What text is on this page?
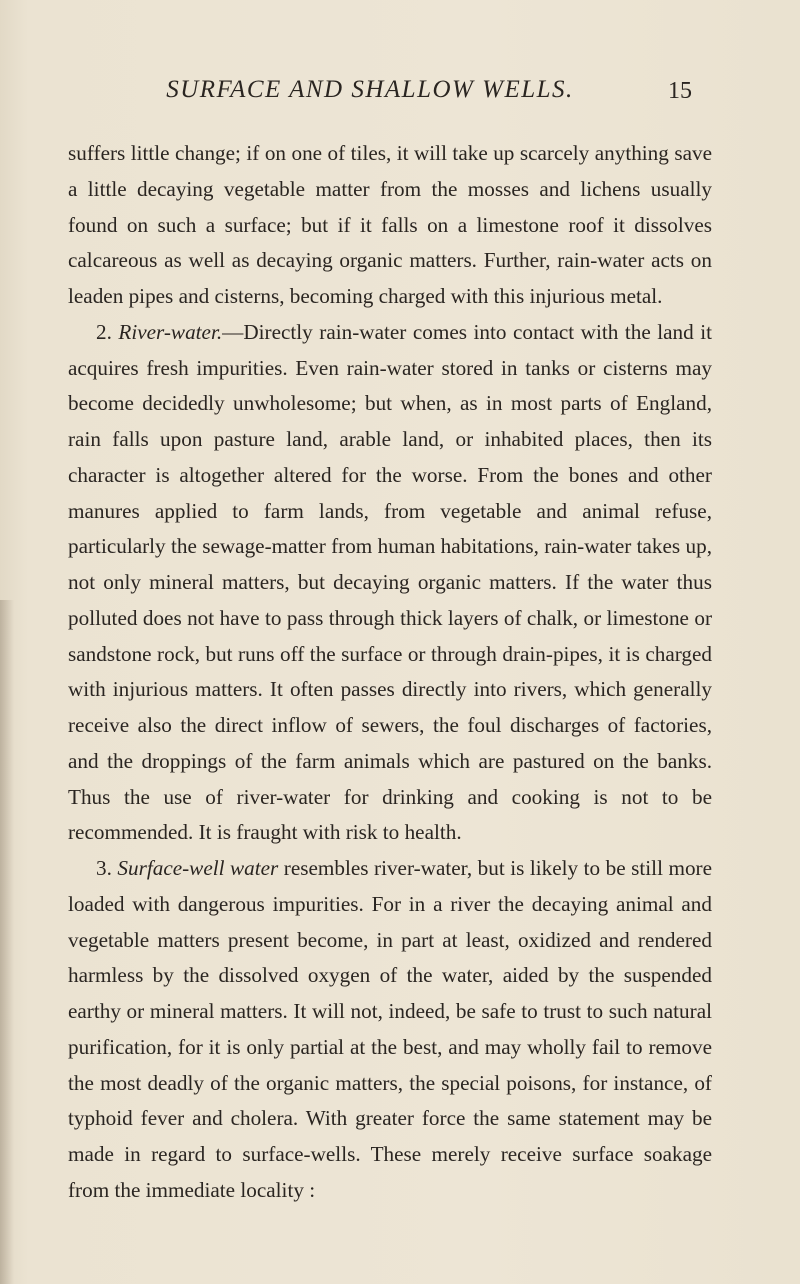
SURFACE AND SHALLOW WELLS.	15

suffers little change; if on one of tiles, it will take up scarcely anything save a little decaying vegetable matter from the mosses and lichens usually found on such a surface; but if it falls on a limestone roof it dissolves calcareous as well as decaying organic matters. Further, rain-water acts on leaden pipes and cisterns, becoming charged with this injurious metal.

2. River-water.—Directly rain-water comes into contact with the land it acquires fresh impurities. Even rain-water stored in tanks or cisterns may become decidedly unwholesome; but when, as in most parts of England, rain falls upon pasture land, arable land, or inhabited places, then its character is altogether altered for the worse. From the bones and other manures applied to farm lands, from vegetable and animal refuse, particularly the sewage-matter from human habitations, rain-water takes up, not only mineral matters, but decaying organic matters. If the water thus polluted does not have to pass through thick layers of chalk, or limestone or sandstone rock, but runs off the surface or through drain-pipes, it is charged with injurious matters. It often passes directly into rivers, which generally receive also the direct inflow of sewers, the foul discharges of factories, and the droppings of the farm animals which are pastured on the banks. Thus the use of river-water for drinking and cooking is not to be recommended. It is fraught with risk to health.

3. Surface-well water resembles river-water, but is likely to be still more loaded with dangerous impurities. For in a river the decaying animal and vegetable matters present become, in part at least, oxidized and rendered harmless by the dissolved oxygen of the water, aided by the suspended earthy or mineral matters. It will not, indeed, be safe to trust to such natural purification, for it is only partial at the best, and may wholly fail to remove the most deadly of the organic matters, the special poisons, for instance, of typhoid fever and cholera. With greater force the same statement may be made in regard to surface-wells. These merely receive surface soakage from the immediate locality :
